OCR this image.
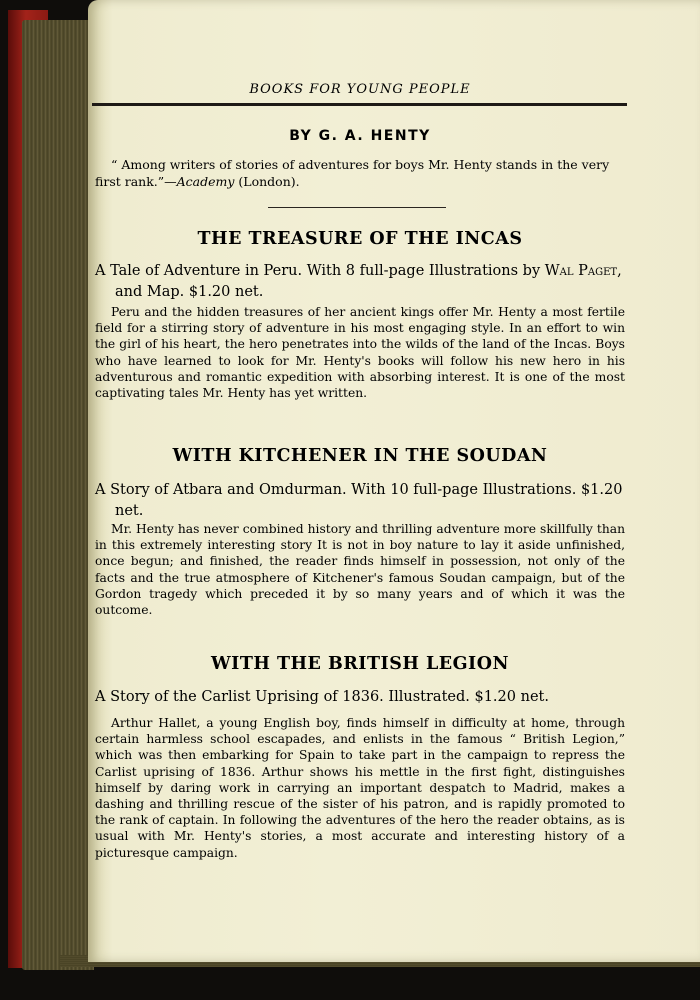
BOOKS FOR YOUNG PEOPLE
BY G. A. HENTY
“ Among writers of stories of adventures for boys Mr. Henty stands in the very first rank.”—Academy (London).
THE TREASURE OF THE INCAS
A Tale of Adventure in Peru. With 8 full-page Illustrations by Wal Paget, and Map. $1.20 net.
Peru and the hidden treasures of her ancient kings offer Mr. Henty a most fertile field for a stirring story of adventure in his most engaging style. In an effort to win the girl of his heart, the hero penetrates into the wilds of the land of the Incas. Boys who have learned to look for Mr. Henty's books will follow his new hero in his adventurous and romantic expedition with absorbing interest. It is one of the most captivating tales Mr. Henty has yet written.
WITH KITCHENER IN THE SOUDAN
A Story of Atbara and Omdurman. With 10 full-page Illustrations. $1.20 net.
Mr. Henty has never combined history and thrilling adventure more skillfully than in this extremely interesting story It is not in boy nature to lay it aside unfinished, once begun; and finished, the reader finds himself in possession, not only of the facts and the true atmosphere of Kitchener's famous Soudan campaign, but of the Gordon tragedy which preceded it by so many years and of which it was the outcome.
WITH THE BRITISH LEGION
A Story of the Carlist Uprising of 1836. Illustrated. $1.20 net.
Arthur Hallet, a young English boy, finds himself in difficulty at home, through certain harmless school escapades, and enlists in the famous “ British Legion,” which was then embarking for Spain to take part in the campaign to repress the Carlist uprising of 1836. Arthur shows his mettle in the first fight, distinguishes himself by daring work in carrying an important despatch to Madrid, makes a dashing and thrilling rescue of the sister of his patron, and is rapidly promoted to the rank of captain. In following the adventures of the hero the reader obtains, as is usual with Mr. Henty's stories, a most accurate and interesting history of a picturesque campaign.
